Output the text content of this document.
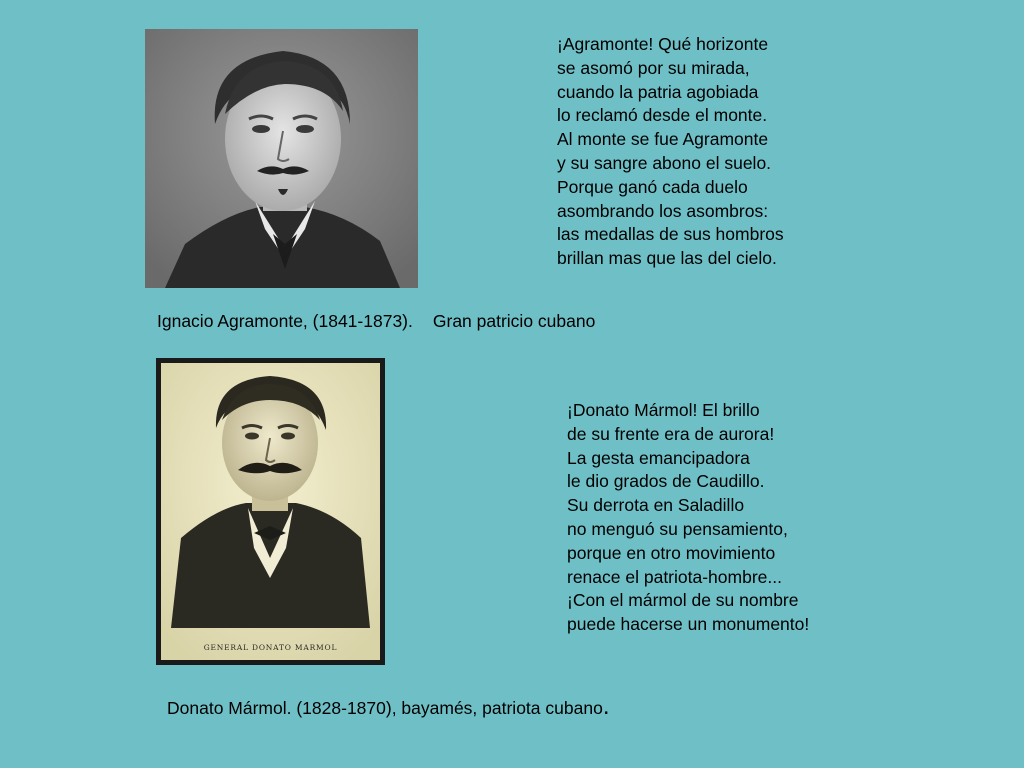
¡Agramonte! Qué horizonte
se asomó por su mirada,
cuando la patria agobiada
lo reclamó desde el monte.
Al monte se fue Agramonte
y su sangre abono el suelo.
Porque ganó cada duelo
asombrando los asombros:
las medallas de sus hombros
brillan mas que las del cielo.

Ignacio Agramonte, (1841-1873). Gran patricio cubano

GENERAL DONATO MARMOL

¡Donato Mármol! El brillo
de su frente era de aurora!
La gesta emancipadora
le dio grados de Caudillo.
Su derrota en Saladillo
no menguó su pensamiento,
porque en otro movimiento
renace el patriota-hombre...
¡Con el mármol de su nombre
puede hacerse un monumento!

Donato Mármol. (1828-1870), bayamés, patriota cubano.
